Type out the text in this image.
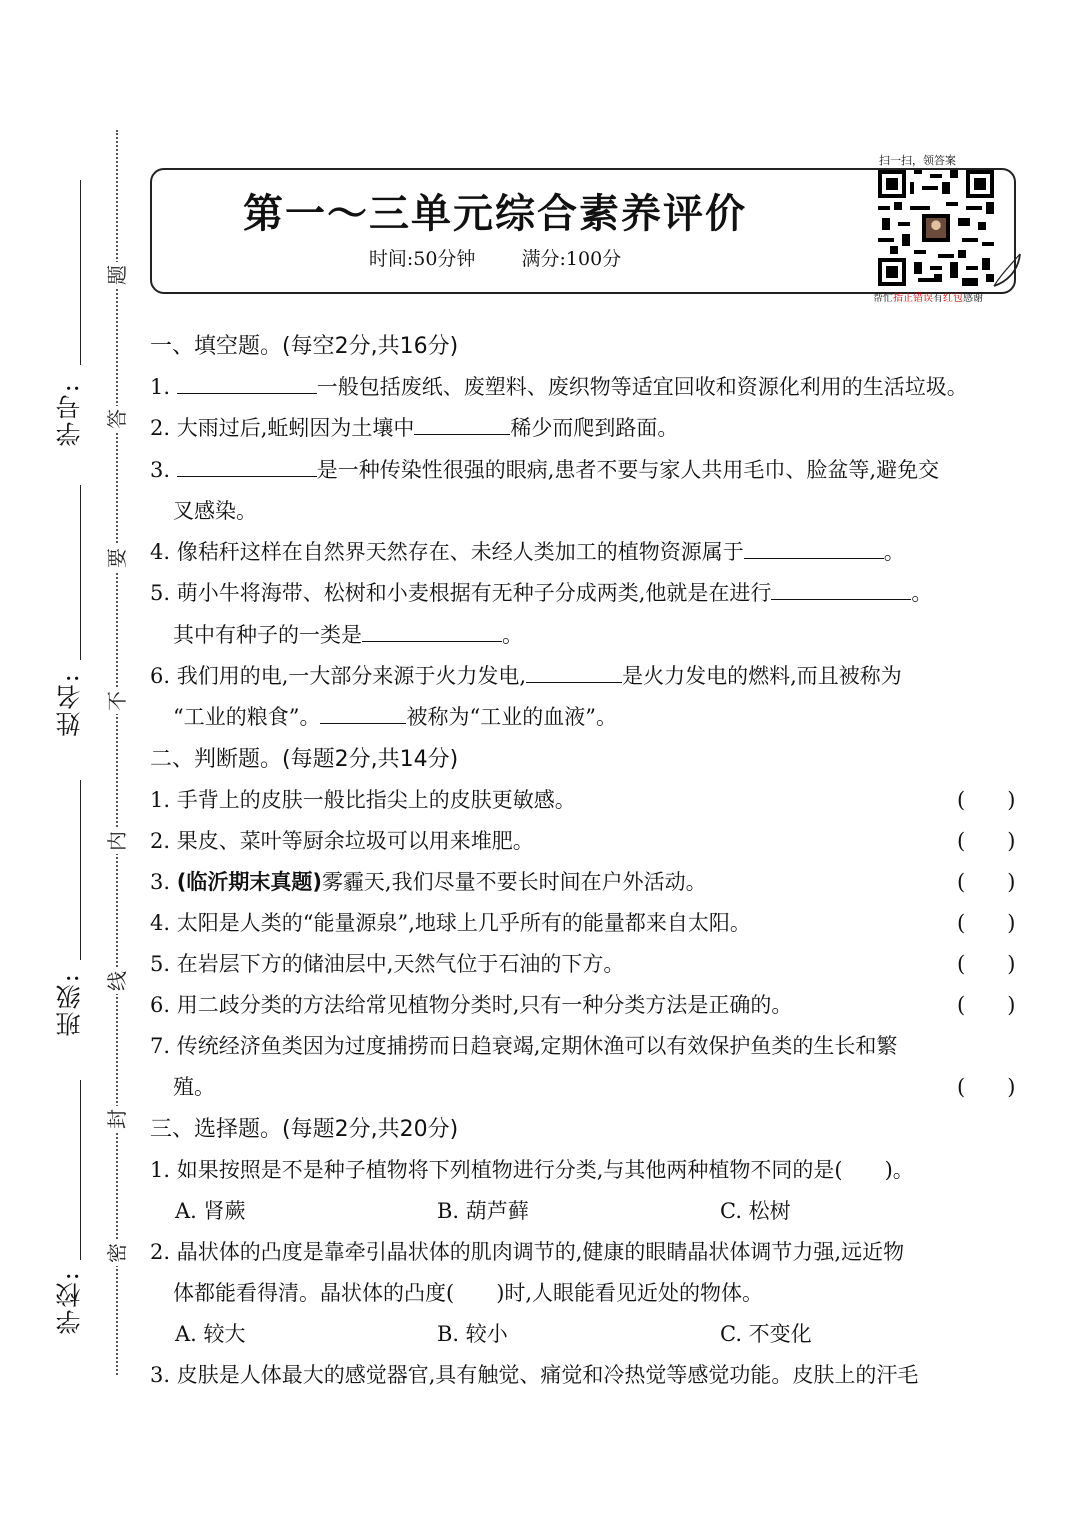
学号:
姓名:
班级:
学校:
题
答
要
不
内
线
封
密
第一～三单元综合素养评价
时间:50分钟 满分:100分
扫一扫，领答案
帮忙指正错误有红包感谢
一、填空题。(每空2分,共16分)
1.	一般包括废纸、废塑料、废织物等适宜回收和资源化利用的生活垃圾。
2. 大雨过后,蚯蚓因为土壤中	稀少而爬到路面。
3.	是一种传染性很强的眼病,患者不要与家人共用毛巾、脸盆等,避免交
叉感染。
4. 像秸秆这样在自然界天然存在、未经人类加工的植物资源属于	。
5. 萌小牛将海带、松树和小麦根据有无种子分成两类,他就是在进行	。
其中有种子的一类是	。
6. 我们用的电,一大部分来源于火力发电,	是火力发电的燃料,而且被称为
“工业的粮食”。	被称为“工业的血液”。
二、判断题。(每题2分,共14分)
1. 手背上的皮肤一般比指尖上的皮肤更敏感。	(　　)
2. 果皮、菜叶等厨余垃圾可以用来堆肥。	(　　)
3. (临沂期末真题)雾霾天,我们尽量不要长时间在户外活动。	(　　)
4. 太阳是人类的“能量源泉”,地球上几乎所有的能量都来自太阳。	(　　)
5. 在岩层下方的储油层中,天然气位于石油的下方。	(　　)
6. 用二歧分类的方法给常见植物分类时,只有一种分类方法是正确的。	(　　)
7. 传统经济鱼类因为过度捕捞而日趋衰竭,定期休渔可以有效保护鱼类的生长和繁
殖。	(　　)
三、选择题。(每题2分,共20分)
1. 如果按照是不是种子植物将下列植物进行分类,与其他两种植物不同的是(　　)。
A. 肾蕨	B. 葫芦藓	C. 松树
2. 晶状体的凸度是靠牵引晶状体的肌肉调节的,健康的眼睛晶状体调节力强,远近物
体都能看得清。晶状体的凸度(　　)时,人眼能看见近处的物体。
A. 较大	B. 较小	C. 不变化
3. 皮肤是人体最大的感觉器官,具有触觉、痛觉和冷热觉等感觉功能。皮肤上的汗毛
